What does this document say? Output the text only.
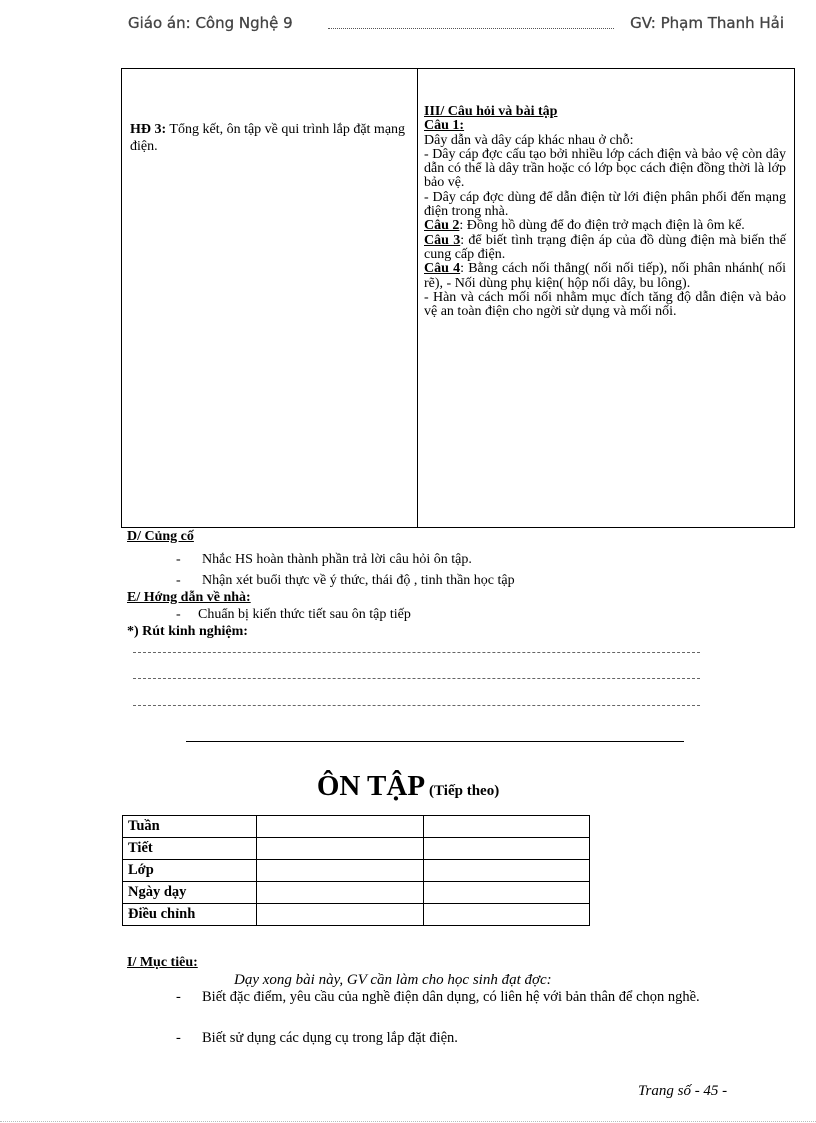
Giáo án: Công Nghệ 9	GV: Phạm Thanh Hải
HĐ 3: Tổng kết, ôn tập về qui trình lắp đặt mạng điện.

III/ Câu hỏi và bài tập
Câu 1:
Dây dẫn và dây cáp khác nhau ở chỗ:
- Dây cáp đợc cấu tạo bởi nhiều lớp cách điện và bảo vệ còn dây dẫn có thể là dây trần hoặc có lớp bọc cách điện đồng thời là lớp bảo vệ.
- Dây cáp đợc dùng để dẫn điện từ lới điện phân phối đến mạng điện trong nhà.
Câu 2: Đồng hồ dùng để đo điện trở mạch điện là ôm kế.
Câu 3: để biết tình trạng điện áp của đồ dùng điện mà biến thế cung cấp điện.
Câu 4: Bằng cách nối thẳng( nối nối tiếp), nối phân nhánh( nối rẽ), - Nối dùng phụ kiện( hộp nối dây, bu lông).
- Hàn và cách mối nối nhằm mục đích tăng độ dẫn điện và bảo vệ an toàn điện cho ngời sử dụng và mối nối.
D/ Củng cố
- Nhắc HS hoàn thành phần trả lời câu hỏi ôn tập.
- Nhận xét buổi thực về ý thức, thái độ , tinh thần học tập
E/ Hớng dẫn về nhà:
- Chuẩn bị kiến thức tiết sau ôn tập tiếp
*) Rút kinh nghiệm:
ÔN TẬP (Tiếp theo)
Tuần		
Tiết		
Lớp		
Ngày dạy		
Điều chỉnh		
I/ Mục tiêu:
Dạy xong bài này, GV cần làm cho học sinh đạt đợc:
- Biết đặc điểm, yêu cầu của nghề điện dân dụng, có liên hệ với bản thân để chọn nghề.
- Biết sử dụng các dụng cụ trong lắp đặt điện.
Trang số - 45 -
